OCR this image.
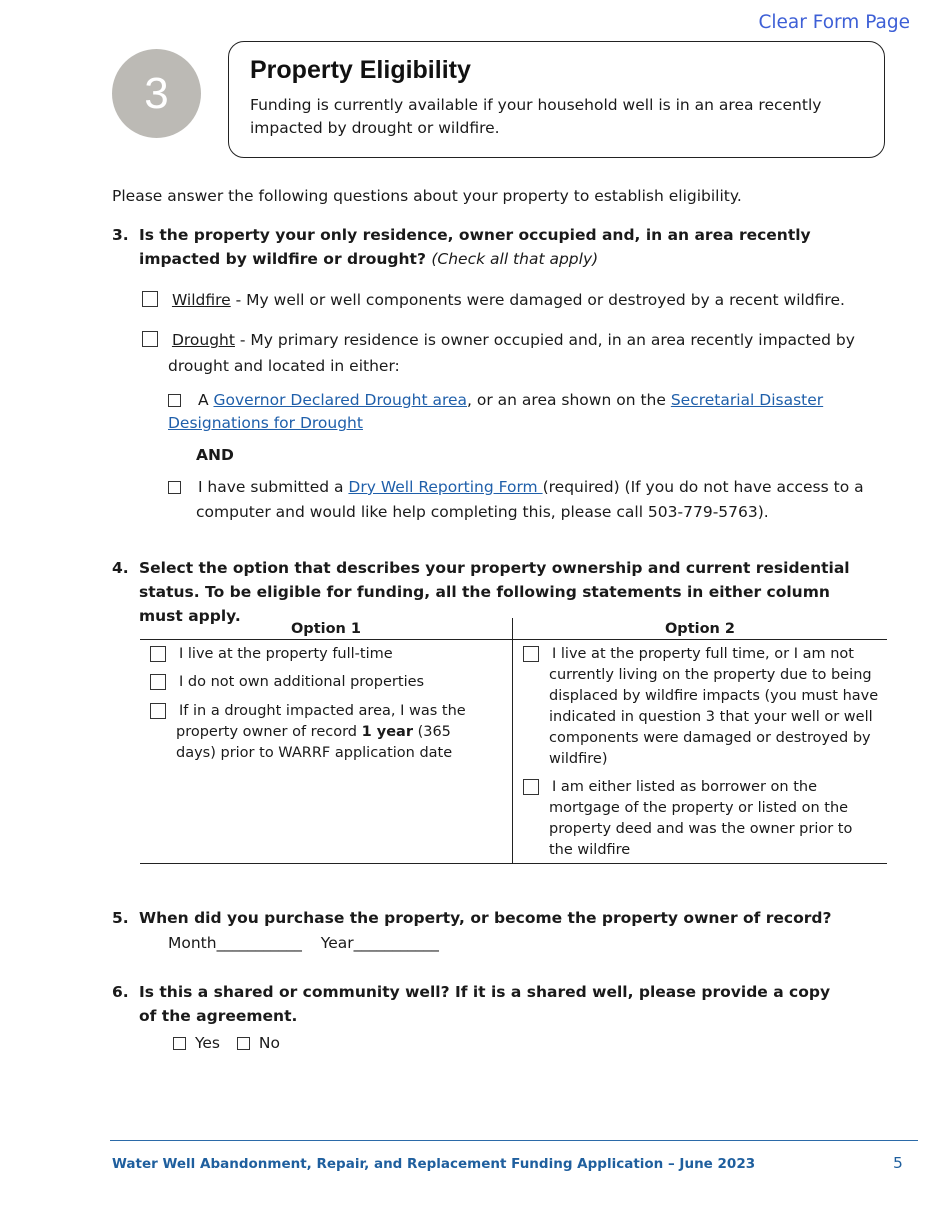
Clear Form Page
3	Property Eligibility

Funding is currently available if your household well is in an area recently impacted by drought or wildfire.

Please answer the following questions about your property to establish eligibility.
3. Is the property your only residence, owner occupied and, in an area recently impacted by wildfire or drought? (Check all that apply)
Wildfire - My well or well components were damaged or destroyed by a recent wildfire.
Drought - My primary residence is owner occupied and, in an area recently impacted by
drought and located in either:
A Governor Declared Drought area, or an area shown on the Secretarial Disaster
Designations for Drought
AND
I have submitted a Dry Well Reporting Form (required) (If you do not have access to a
computer and would like help completing this, please call 503-779-5763).
4. Select the option that describes your property ownership and current residential status. To be eligible for funding, all the following statements in either column must apply.
Option 1
I live at the property full-time
I do not own additional properties
If in a drought impacted area, I was the property owner of record 1 year (365 days) prior to WARRF application date
Option 2
I live at the property full time, or I am not currently living on the property due to being displaced by wildfire impacts (you must have indicated in question 3 that your well or well components were damaged or destroyed by wildfire)
I am either listed as borrower on the mortgage of the property or listed on the property deed and was the owner prior to the wildfire
5. When did you purchase the property, or become the property owner of record?
Month___________ Year___________
6. Is this a shared or community well? If it is a shared well, please provide a copy of the agreement.
Yes	No
Water Well Abandonment, Repair, and Replacement Funding Application – June 2023	5
